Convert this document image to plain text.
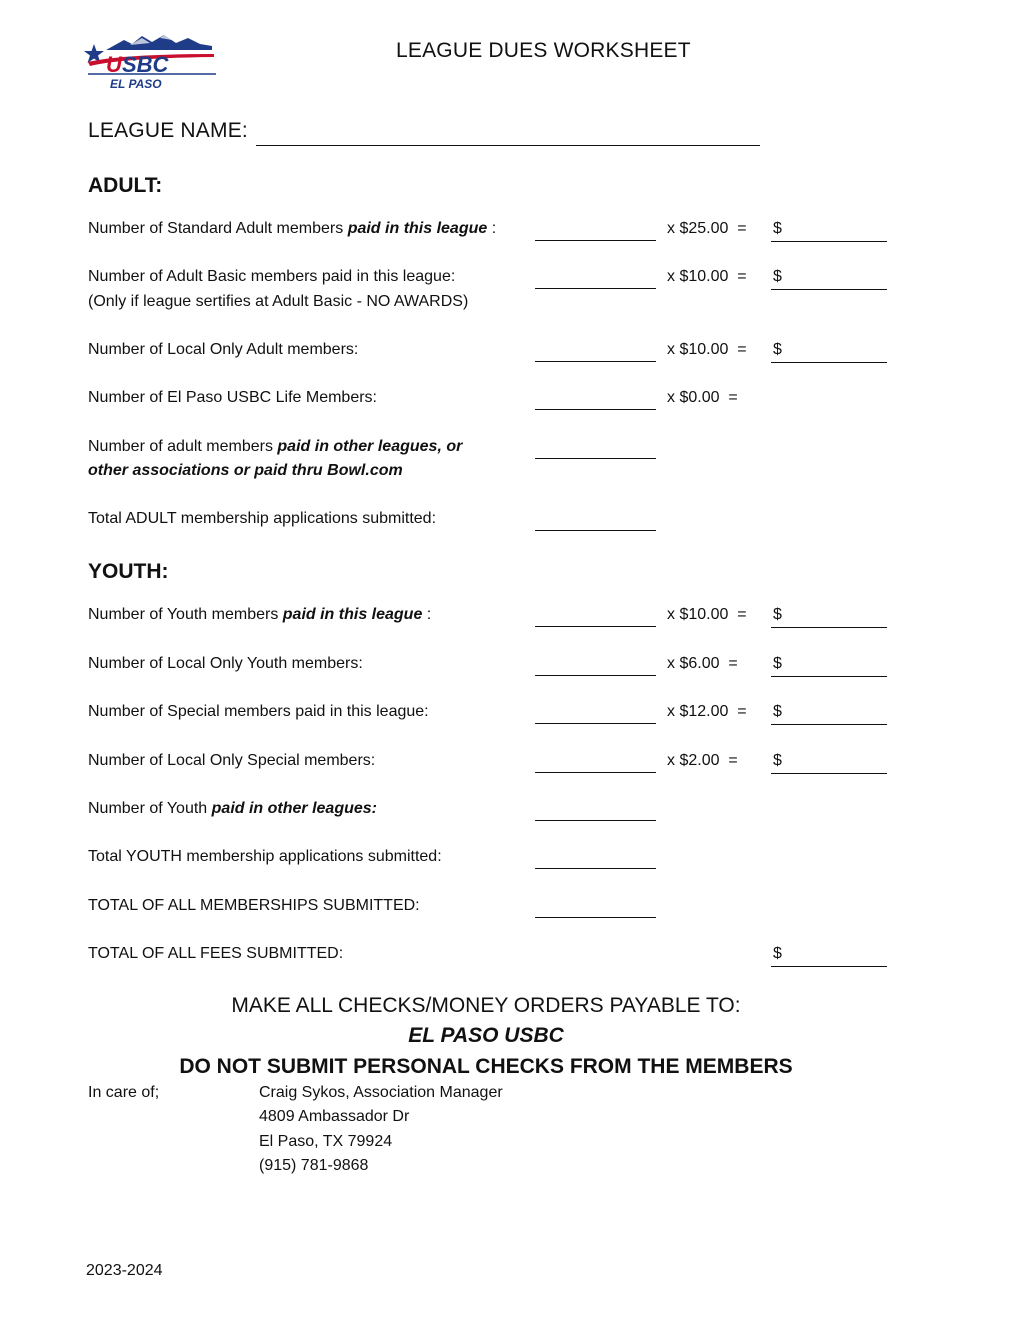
U SBC
EL PASO
LEAGUE DUES WORKSHEET
LEAGUE NAME:
ADULT:
Number of Standard Adult members paid in this league :	x $25.00  = $
Number of Adult Basic members paid in this league:
(Only if league sertifies at Adult Basic - NO AWARDS)
x $10.00  = $
Number of Local Only Adult members:	x $10.00  = $
Number of El Paso USBC Life Members:	x $0.00  =
Number of adult members paid in other leagues, or
other associations or paid thru Bowl.com
Total ADULT membership applications submitted:
YOUTH:
Number of Youth members paid in this league :	x $10.00  = $
Number of Local Only Youth members:	x $6.00  = $
Number of Special members paid in this league:	x $12.00  = $
Number of Local Only Special members:	x $2.00  = $
Number of Youth paid in other leagues:
Total YOUTH membership applications submitted:
TOTAL OF ALL MEMBERSHIPS SUBMITTED:
TOTAL OF ALL FEES SUBMITTED:	$
MAKE ALL CHECKS/MONEY ORDERS PAYABLE TO:
EL PASO USBC
DO NOT SUBMIT PERSONAL CHECKS FROM THE MEMBERS
In care of;	Craig Sykos, Association Manager
4809 Ambassador Dr
El Paso, TX 79924
(915) 781-9868
2023-2024
